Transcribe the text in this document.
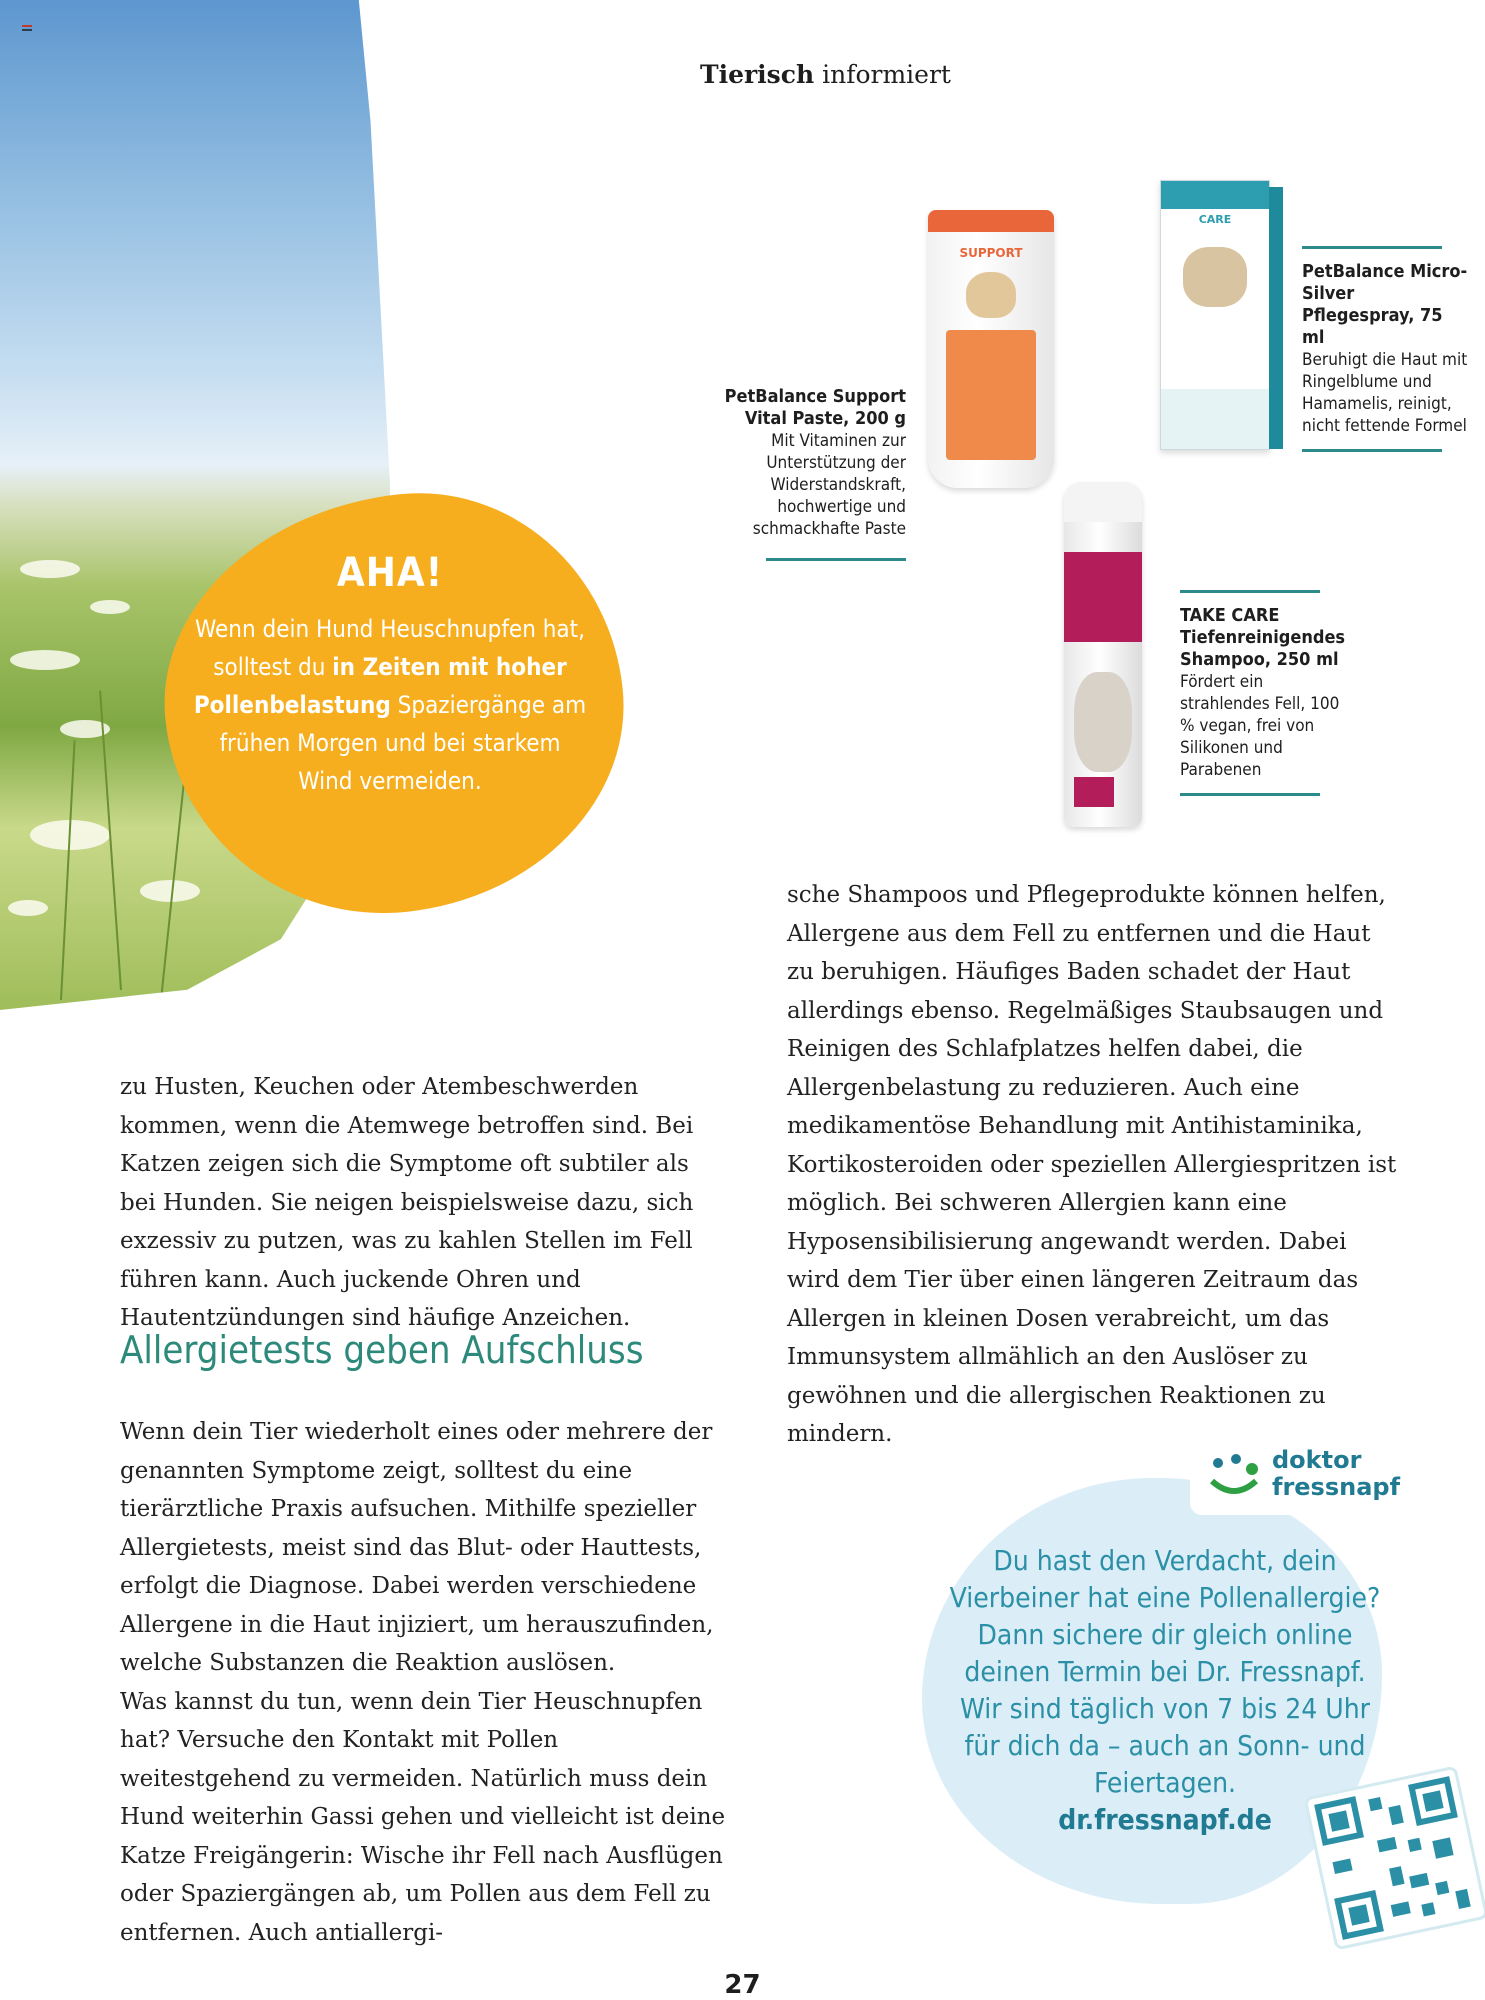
Tierisch informiert
AHA!
Wenn dein Hund Heuschnupfen hat, solltest du in Zeiten mit hoher Pollenbelastung Spaziergänge am frühen Morgen und bei starkem Wind vermeiden.
SUPPORT
CARE
PetBalance Support Vital Paste, 200 g
Mit Vitaminen zur Unterstützung der Widerstandskraft, hochwertige und schmackhafte Paste
PetBalance Micro-Silver Pflegespray, 75 ml
Beruhigt die Haut mit Ringelblume und Hamamelis, reinigt, nicht fettende Formel
TAKE CARE Tiefenreinigendes Shampoo, 250 ml
Fördert ein strahlendes Fell, 100 % vegan, frei von Silikonen und Parabenen
zu Husten, Keuchen oder Atembeschwerden kommen, wenn die Atemwege betroffen sind. Bei Katzen zeigen sich die Symptome oft subtiler als bei Hunden. Sie neigen beispielsweise dazu, sich exzessiv zu putzen, was zu kahlen Stellen im Fell führen kann. Auch juckende Ohren und Hautentzündungen sind häufige Anzeichen.
Allergietests geben Aufschluss
Wenn dein Tier wiederholt eines oder mehrere der genannten Symptome zeigt, solltest du eine tierärztliche Praxis aufsuchen. Mithilfe spezieller Allergietests, meist sind das Blut- oder Hauttests, erfolgt die Diagnose. Dabei werden verschiedene Allergene in die Haut injiziert, um herauszufinden, welche Substanzen die Reaktion auslösen.
Was kannst du tun, wenn dein Tier Heuschnupfen hat? Versuche den Kontakt mit Pollen weitestgehend zu vermeiden. Natürlich muss dein Hund weiterhin Gassi gehen und vielleicht ist deine Katze Freigängerin: Wische ihr Fell nach Ausflügen oder Spaziergängen ab, um Pollen aus dem Fell zu entfernen. Auch antiallergi-
sche Shampoos und Pflegeprodukte können helfen, Allergene aus dem Fell zu entfernen und die Haut zu beruhigen. Häufiges Baden schadet der Haut allerdings ebenso. Regelmäßiges Staubsaugen und Reinigen des Schlafplatzes helfen dabei, die Allergenbelastung zu reduzieren. Auch eine medikamentöse Behandlung mit Antihistaminika, Kortikosteroiden oder speziellen Allergiespritzen ist möglich. Bei schweren Allergien kann eine Hyposensibilisierung angewandt werden. Dabei wird dem Tier über einen längeren Zeitraum das Allergen in kleinen Dosen verabreicht, um das Immunsystem allmählich an den Auslöser zu gewöhnen und die allergischen Reaktionen zu mindern.
doktor
fressnapf
Du hast den Verdacht, dein Vierbeiner hat eine Pollenallergie? Dann sichere dir gleich online deinen Termin bei Dr. Fressnapf. Wir sind täglich von 7 bis 24 Uhr für dich da – auch an Sonn- und Feiertagen.
dr.fressnapf.de
27
